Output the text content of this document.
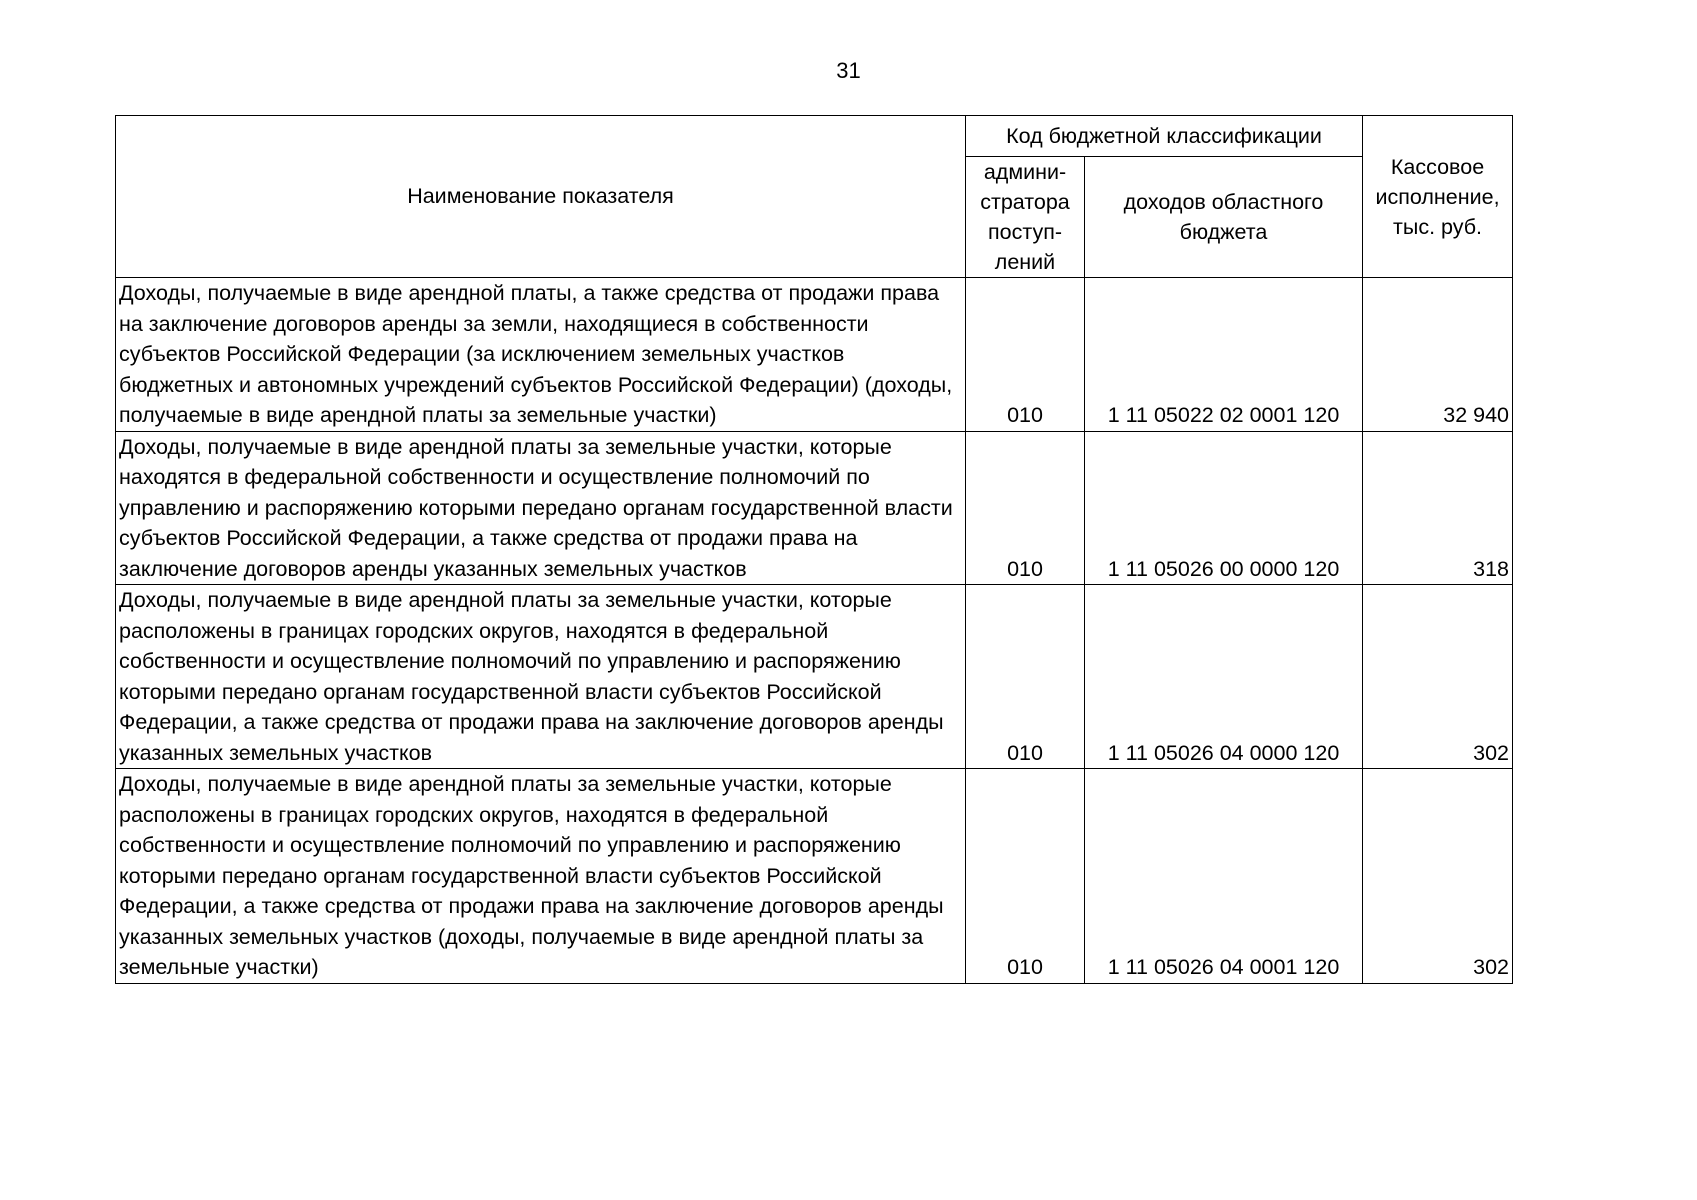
31
Наименование показателя	Код бюджетной классификации		Кассовое исполнение, тыс. руб.
	админи-стратора поступ-лений	доходов областного бюджета	
Доходы, получаемые в виде арендной платы, а также средства от продажи права на заключение договоров аренды за земли, находящиеся в собственности субъектов Российской Федерации (за исключением земельных участков бюджетных и автономных учреждений субъектов Российской Федерации) (доходы, получаемые в виде арендной платы за земельные участки)	010	1 11 05022 02 0001 120	32 940
Доходы, получаемые в виде арендной платы за земельные участки, которые находятся в федеральной собственности и осуществление полномочий по управлению и распоряжению которыми передано органам государственной власти субъектов Российской Федерации, а также средства от продажи права на заключение договоров аренды указанных земельных участков	010	1 11 05026 00 0000 120	318
Доходы, получаемые в виде арендной платы за земельные участки, которые расположены в границах городских округов, находятся в федеральной собственности и осуществление полномочий по управлению и распоряжению которыми передано органам государственной власти субъектов Российской Федерации, а также средства от продажи права на заключение договоров аренды указанных земельных участков	010	1 11 05026 04 0000 120	302
Доходы, получаемые в виде арендной платы за земельные участки, которые расположены в границах городских округов, находятся в федеральной собственности и осуществление полномочий по управлению и распоряжению которыми передано органам государственной власти субъектов Российской Федерации, а также средства от продажи права на заключение договоров аренды указанных земельных участков (доходы, получаемые в виде арендной платы за земельные участки)	010	1 11 05026 04 0001 120	302
